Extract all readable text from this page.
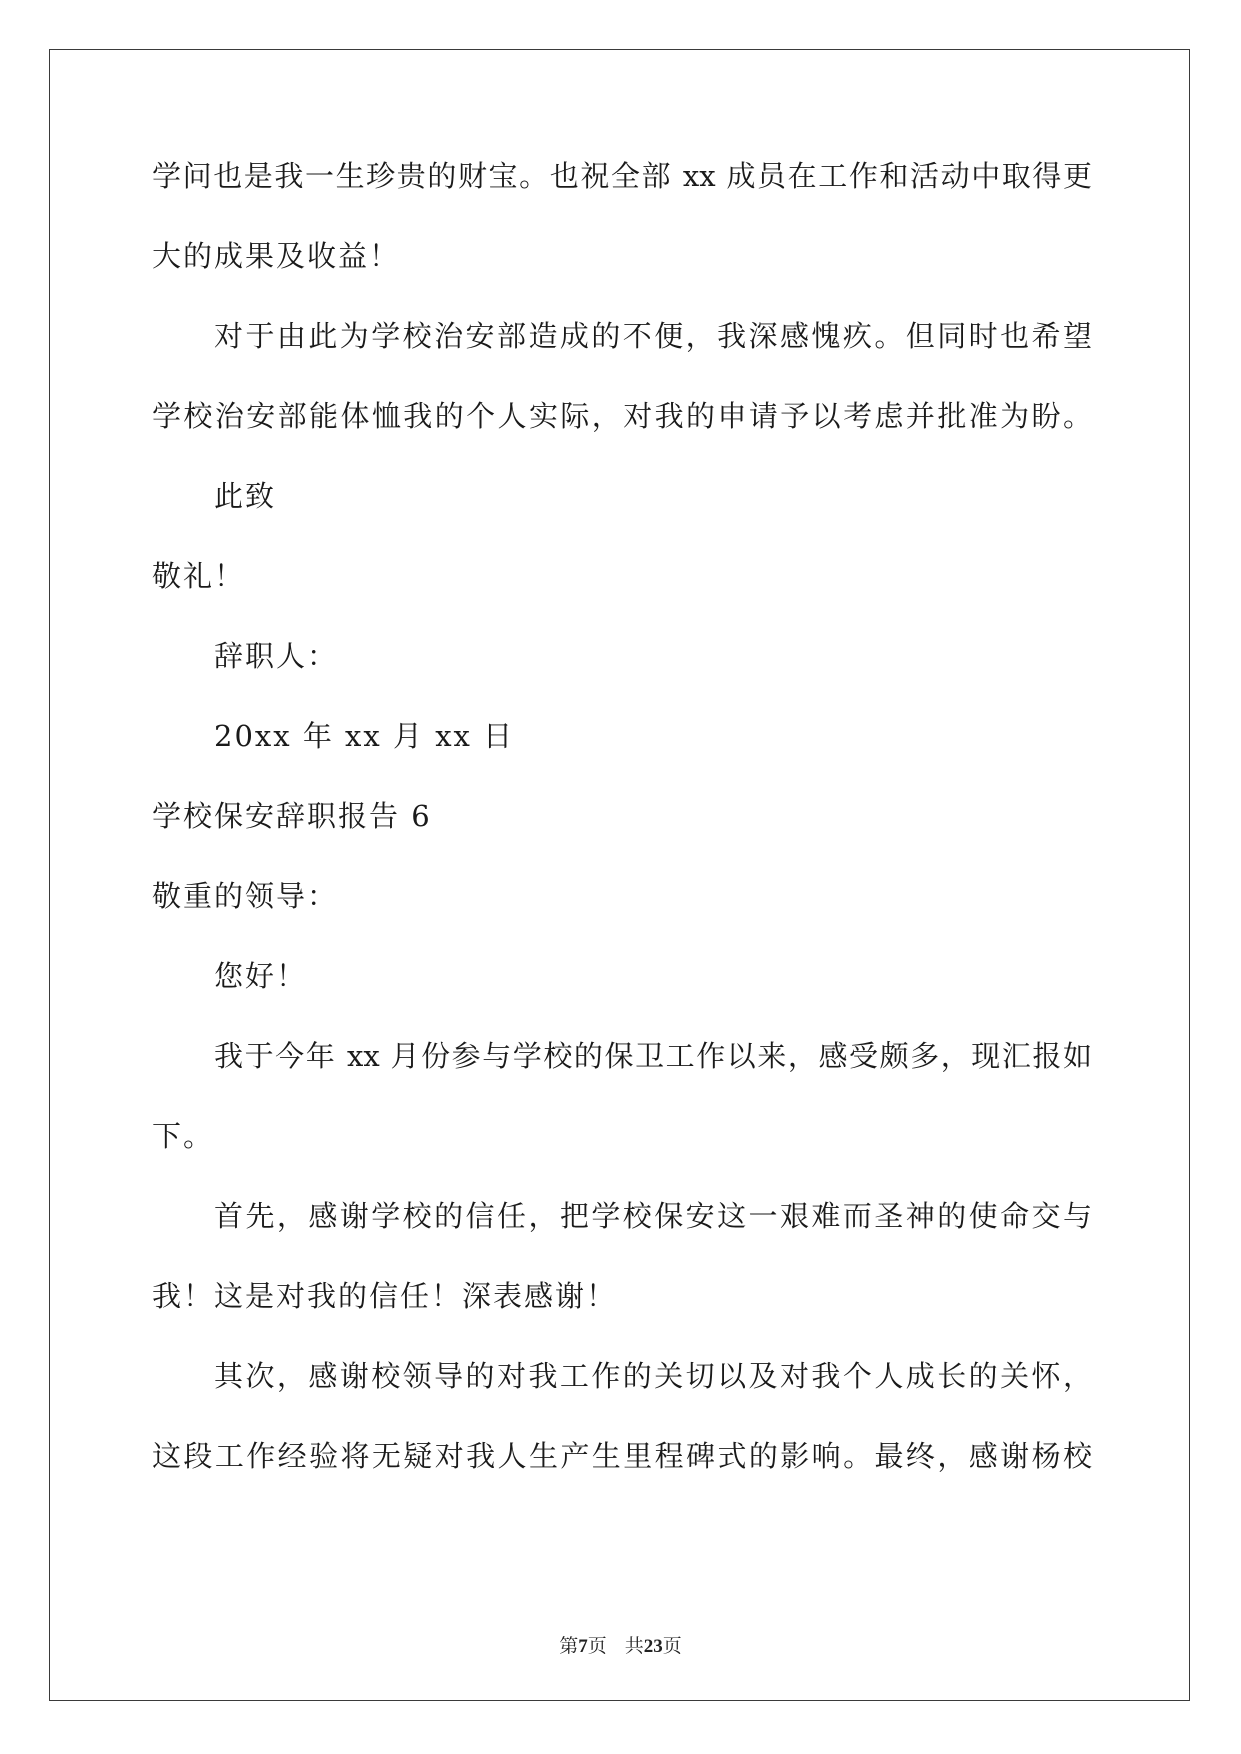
学问也是我一生珍贵的财宝。也祝全部 xx 成员在工作和活动中取得更
大的成果及收益！
对于由此为学校治安部造成的不便，我深感愧疚。但同时也希望
学校治安部能体恤我的个人实际，对我的申请予以考虑并批准为盼。
此致
敬礼！
辞职人：
20xx 年 xx 月 xx 日
学校保安辞职报告 6
敬重的领导：
您好！
我于今年 xx 月份参与学校的保卫工作以来，感受颇多，现汇报如
下。
首先，感谢学校的信任，把学校保安这一艰难而圣神的使命交与
我！这是对我的信任！深表感谢！
其次，感谢校领导的对我工作的关切以及对我个人成长的关怀，
这段工作经验将无疑对我人生产生里程碑式的影响。最终，感谢杨校
第7页 共23页
